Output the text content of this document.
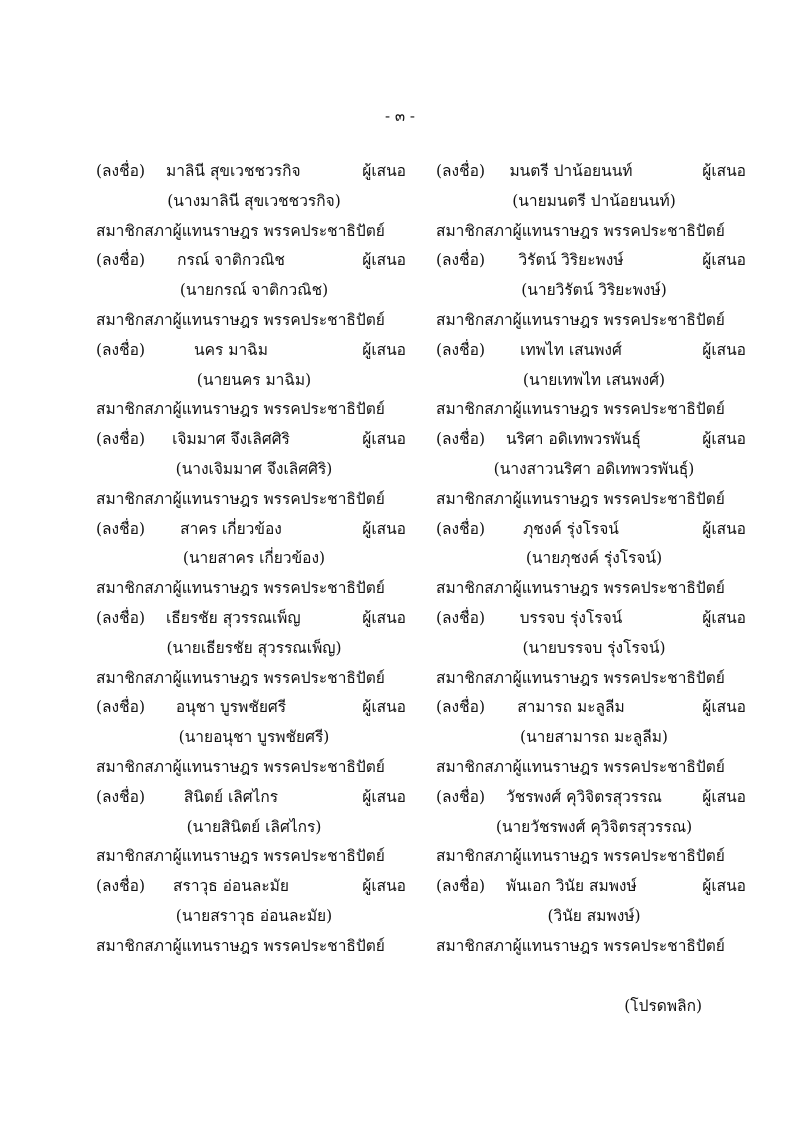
- ๓ -
(ลงชื่อ) มาลินี สุขเวชชวรกิจ	ผู้เสนอ
(นางมาลินี สุขเวชชวรกิจ)
สมาชิกสภาผู้แทนราษฎร พรรคประชาธิปัตย์
(ลงชื่อ)	กรณ์ จาติกวณิช	ผู้เสนอ
(นายกรณ์ จาติกวณิช)
สมาชิกสภาผู้แทนราษฎร พรรคประชาธิปัตย์
(ลงชื่อ)	นคร มาฉิม	ผู้เสนอ
(นายนคร มาฉิม)
สมาชิกสภาผู้แทนราษฎร พรรคประชาธิปัตย์
(ลงชื่อ)	เจิมมาศ จึงเลิศศิริ	ผู้เสนอ
(นางเจิมมาศ จึงเลิศศิริ)
สมาชิกสภาผู้แทนราษฎร พรรคประชาธิปัตย์
(ลงชื่อ)	สาคร เกี่ยวข้อง	ผู้เสนอ
(นายสาคร เกี่ยวข้อง)
สมาชิกสภาผู้แทนราษฎร พรรคประชาธิปัตย์
(ลงชื่อ) เธียรชัย สุวรรณเพ็ญ	ผู้เสนอ
(นายเธียรชัย สุวรรณเพ็ญ)
สมาชิกสภาผู้แทนราษฎร พรรคประชาธิปัตย์
(ลงชื่อ)	อนุชา บูรพชัยศรี	ผู้เสนอ
(นายอนุชา บูรพชัยศรี)
สมาชิกสภาผู้แทนราษฎร พรรคประชาธิปัตย์
(ลงชื่อ)	สินิตย์ เลิศไกร	ผู้เสนอ
(นายสินิตย์ เลิศไกร)
สมาชิกสภาผู้แทนราษฎร พรรคประชาธิปัตย์
(ลงชื่อ)	สราวุธ อ่อนละมัย	ผู้เสนอ
(นายสราวุธ อ่อนละมัย)
สมาชิกสภาผู้แทนราษฎร พรรคประชาธิปัตย์
(ลงชื่อ) มนตรี ปาน้อยนนท์	ผู้เสนอ
(นายมนตรี ปาน้อยนนท์)
สมาชิกสภาผู้แทนราษฎร พรรคประชาธิปัตย์
(ลงชื่อ)	วิรัตน์ วิริยะพงษ์	ผู้เสนอ
(นายวิรัตน์ วิริยะพงษ์)
สมาชิกสภาผู้แทนราษฎร พรรคประชาธิปัตย์
(ลงชื่อ)	เทพไท เสนพงศ์	ผู้เสนอ
(นายเทพไท เสนพงศ์)
สมาชิกสภาผู้แทนราษฎร พรรคประชาธิปัตย์
(ลงชื่อ) นริศา อดิเทพวรพันธุ์	ผู้เสนอ
(นางสาวนริศา อดิเทพวรพันธุ์)
สมาชิกสภาผู้แทนราษฎร พรรคประชาธิปัตย์
(ลงชื่อ)	ภุชงค์ รุ่งโรจน์	ผู้เสนอ
(นายภุชงค์ รุ่งโรจน์)
สมาชิกสภาผู้แทนราษฎร พรรคประชาธิปัตย์
(ลงชื่อ)	บรรจบ รุ่งโรจน์	ผู้เสนอ
(นายบรรจบ รุ่งโรจน์)
สมาชิกสภาผู้แทนราษฎร พรรคประชาธิปัตย์
(ลงชื่อ)	สามารถ มะลูลีม	ผู้เสนอ
(นายสามารถ มะลูลีม)
สมาชิกสภาผู้แทนราษฎร พรรคประชาธิปัตย์
(ลงชื่อ) วัชรพงศ์ คุวิจิตรสุวรรณ	ผู้เสนอ
(นายวัชรพงศ์ คุวิจิตรสุวรรณ)
สมาชิกสภาผู้แทนราษฎร พรรคประชาธิปัตย์
(ลงชื่อ) พันเอก วินัย สมพงษ์	ผู้เสนอ
(วินัย สมพงษ์)
สมาชิกสภาผู้แทนราษฎร พรรคประชาธิปัตย์
(โปรดพลิก)
